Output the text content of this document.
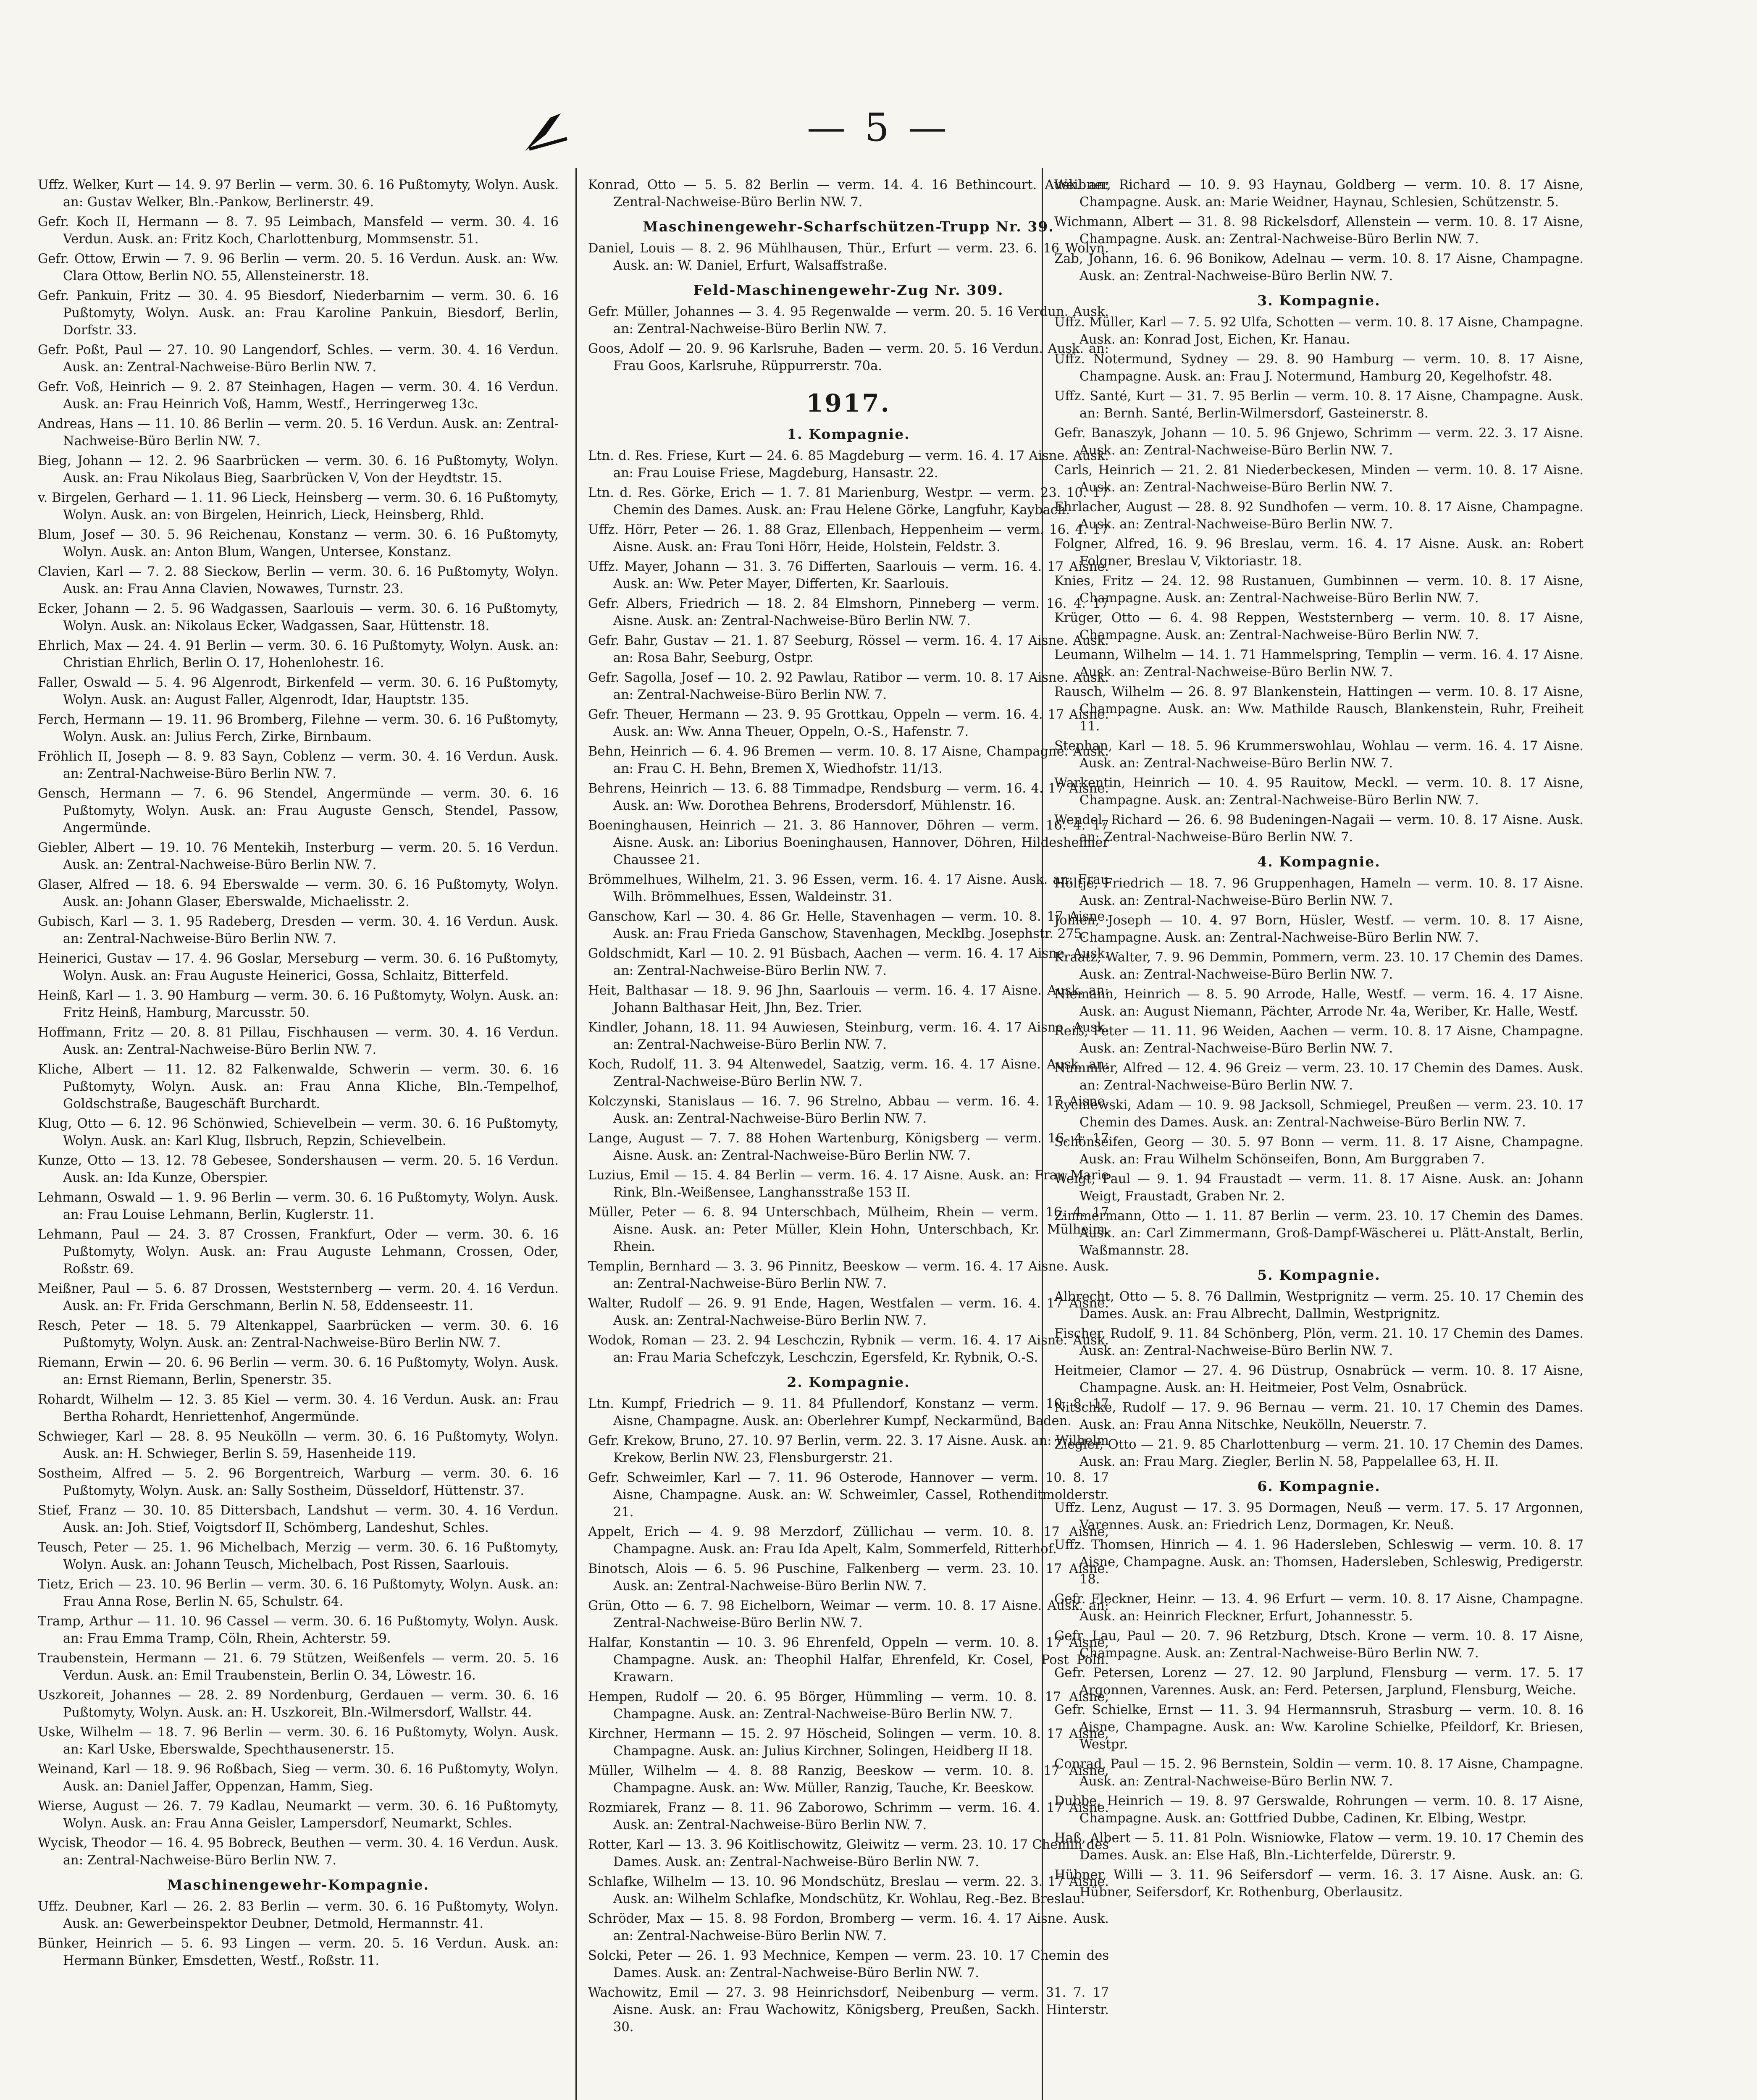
— 5 —

Uffz. Welker, Kurt — 14. 9. 97 Berlin — verm. 30. 6. 16 Pußtomyty, Wolyn. Ausk. an: Gustav Welker, Bln.-Pankow, Berlinerstr. 49.

Gefr. Koch II, Hermann — 8. 7. 95 Leimbach, Mansfeld — verm. 30. 4. 16 Verdun. Ausk. an: Fritz Koch, Charlottenburg, Mommsenstr. 51.

Gefr. Ottow, Erwin — 7. 9. 96 Berlin — verm. 20. 5. 16 Verdun. Ausk. an: Ww. Clara Ottow, Berlin NO. 55, Allensteinerstr. 18.

Gefr. Pankuin, Fritz — 30. 4. 95 Biesdorf, Niederbarnim — verm. 30. 6. 16 Pußtomyty, Wolyn. Ausk. an: Frau Karoline Pankuin, Biesdorf, Berlin, Dorfstr. 33.

Gefr. Poßt, Paul — 27. 10. 90 Langendorf, Schles. — verm. 30. 4. 16 Verdun. Ausk. an: Zentral-Nachweise-Büro Berlin NW. 7.

Gefr. Voß, Heinrich — 9. 2. 87 Steinhagen, Hagen — verm. 30. 4. 16 Verdun. Ausk. an: Frau Heinrich Voß, Hamm, Westf., Herringerweg 13c.

Andreas, Hans — 11. 10. 86 Berlin — verm. 20. 5. 16 Verdun. Ausk. an: Zentral-Nachweise-Büro Berlin NW. 7.

Bieg, Johann — 12. 2. 96 Saarbrücken — verm. 30. 6. 16 Pußtomyty, Wolyn. Ausk. an: Frau Nikolaus Bieg, Saarbrücken V, Von der Heydtstr. 15.

v. Birgelen, Gerhard — 1. 11. 96 Lieck, Heinsberg — verm. 30. 6. 16 Pußtomyty, Wolyn. Ausk. an: von Birgelen, Heinrich, Lieck, Heinsberg, Rhld.

Blum, Josef — 30. 5. 96 Reichenau, Konstanz — verm. 30. 6. 16 Pußtomyty, Wolyn. Ausk. an: Anton Blum, Wangen, Untersee, Konstanz.

Clavien, Karl — 7. 2. 88 Sieckow, Berlin — verm. 30. 6. 16 Pußtomyty, Wolyn. Ausk. an: Frau Anna Clavien, Nowawes, Turnstr. 23.

Ecker, Johann — 2. 5. 96 Wadgassen, Saarlouis — verm. 30. 6. 16 Pußtomyty, Wolyn. Ausk. an: Nikolaus Ecker, Wadgassen, Saar, Hüttenstr. 18.

Ehrlich, Max — 24. 4. 91 Berlin — verm. 30. 6. 16 Pußtomyty, Wolyn. Ausk. an: Christian Ehrlich, Berlin O. 17, Hohenlohestr. 16.

Faller, Oswald — 5. 4. 96 Algenrodt, Birkenfeld — verm. 30. 6. 16 Pußtomyty, Wolyn. Ausk. an: August Faller, Algenrodt, Idar, Hauptstr. 135.

Ferch, Hermann — 19. 11. 96 Bromberg, Filehne — verm. 30. 6. 16 Pußtomyty, Wolyn. Ausk. an: Julius Ferch, Zirke, Birnbaum.

Fröhlich II, Joseph — 8. 9. 83 Sayn, Coblenz — verm. 30. 4. 16 Verdun. Ausk. an: Zentral-Nachweise-Büro Berlin NW. 7.

Gensch, Hermann — 7. 6. 96 Stendel, Angermünde — verm. 30. 6. 16 Pußtomyty, Wolyn. Ausk. an: Frau Auguste Gensch, Stendel, Passow, Angermünde.

Giebler, Albert — 19. 10. 76 Mentekih, Insterburg — verm. 20. 5. 16 Verdun. Ausk. an: Zentral-Nachweise-Büro Berlin NW. 7.

Glaser, Alfred — 18. 6. 94 Eberswalde — verm. 30. 6. 16 Pußtomyty, Wolyn. Ausk. an: Johann Glaser, Eberswalde, Michaelisstr. 2.

Gubisch, Karl — 3. 1. 95 Radeberg, Dresden — verm. 30. 4. 16 Verdun. Ausk. an: Zentral-Nachweise-Büro Berlin NW. 7.

Heinerici, Gustav — 17. 4. 96 Goslar, Merseburg — verm. 30. 6. 16 Pußtomyty, Wolyn. Ausk. an: Frau Auguste Heinerici, Gossa, Schlaitz, Bitterfeld.

Heinß, Karl — 1. 3. 90 Hamburg — verm. 30. 6. 16 Pußtomyty, Wolyn. Ausk. an: Fritz Heinß, Hamburg, Marcusstr. 50.

Hoffmann, Fritz — 20. 8. 81 Pillau, Fischhausen — verm. 30. 4. 16 Verdun. Ausk. an: Zentral-Nachweise-Büro Berlin NW. 7.

Kliche, Albert — 11. 12. 82 Falkenwalde, Schwerin — verm. 30. 6. 16 Pußtomyty, Wolyn. Ausk. an: Frau Anna Kliche, Bln.-Tempelhof, Goldschstraße, Baugeschäft Burchardt.

Klug, Otto — 6. 12. 96 Schönwied, Schievelbein — verm. 30. 6. 16 Pußtomyty, Wolyn. Ausk. an: Karl Klug, Ilsbruch, Repzin, Schievelbein.

Kunze, Otto — 13. 12. 78 Gebesee, Sondershausen — verm. 20. 5. 16 Verdun. Ausk. an: Ida Kunze, Oberspier.

Lehmann, Oswald — 1. 9. 96 Berlin — verm. 30. 6. 16 Pußtomyty, Wolyn. Ausk. an: Frau Louise Lehmann, Berlin, Kuglerstr. 11.

Lehmann, Paul — 24. 3. 87 Crossen, Frankfurt, Oder — verm. 30. 6. 16 Pußtomyty, Wolyn. Ausk. an: Frau Auguste Lehmann, Crossen, Oder, Roßstr. 69.

Meißner, Paul — 5. 6. 87 Drossen, Weststernberg — verm. 20. 4. 16 Verdun. Ausk. an: Fr. Frida Gerschmann, Berlin N. 58, Eddenseestr. 11.

Resch, Peter — 18. 5. 79 Altenkappel, Saarbrücken — verm. 30. 6. 16 Pußtomyty, Wolyn. Ausk. an: Zentral-Nachweise-Büro Berlin NW. 7.

Riemann, Erwin — 20. 6. 96 Berlin — verm. 30. 6. 16 Pußtomyty, Wolyn. Ausk. an: Ernst Riemann, Berlin, Spenerstr. 35.

Rohardt, Wilhelm — 12. 3. 85 Kiel — verm. 30. 4. 16 Verdun. Ausk. an: Frau Bertha Rohardt, Henriettenhof, Angermünde.

Schwieger, Karl — 28. 8. 95 Neukölln — verm. 30. 6. 16 Pußtomyty, Wolyn. Ausk. an: H. Schwieger, Berlin S. 59, Hasenheide 119.

Sostheim, Alfred — 5. 2. 96 Borgentreich, Warburg — verm. 30. 6. 16 Pußtomyty, Wolyn. Ausk. an: Sally Sostheim, Düsseldorf, Hüttenstr. 37.

Stief, Franz — 30. 10. 85 Dittersbach, Landshut — verm. 30. 4. 16 Verdun. Ausk. an: Joh. Stief, Voigtsdorf II, Schömberg, Landeshut, Schles.

Teusch, Peter — 25. 1. 96 Michelbach, Merzig — verm. 30. 6. 16 Pußtomyty, Wolyn. Ausk. an: Johann Teusch, Michelbach, Post Rissen, Saarlouis.

Tietz, Erich — 23. 10. 96 Berlin — verm. 30. 6. 16 Pußtomyty, Wolyn. Ausk. an: Frau Anna Rose, Berlin N. 65, Schulstr. 64.

Tramp, Arthur — 11. 10. 96 Cassel — verm. 30. 6. 16 Pußtomyty, Wolyn. Ausk. an: Frau Emma Tramp, Cöln, Rhein, Achterstr. 59.

Traubenstein, Hermann — 21. 6. 79 Stützen, Weißenfels — verm. 20. 5. 16 Verdun. Ausk. an: Emil Traubenstein, Berlin O. 34, Löwestr. 16.

Uszkoreit, Johannes — 28. 2. 89 Nordenburg, Gerdauen — verm. 30. 6. 16 Pußtomyty, Wolyn. Ausk. an: H. Uszkoreit, Bln.-Wilmersdorf, Wallstr. 44.

Uske, Wilhelm — 18. 7. 96 Berlin — verm. 30. 6. 16 Pußtomyty, Wolyn. Ausk. an: Karl Uske, Eberswalde, Spechthausenerstr. 15.

Weinand, Karl — 18. 9. 96 Roßbach, Sieg — verm. 30. 6. 16 Pußtomyty, Wolyn. Ausk. an: Daniel Jaffer, Oppenzan, Hamm, Sieg.

Wierse, August — 26. 7. 79 Kadlau, Neumarkt — verm. 30. 6. 16 Pußtomyty, Wolyn. Ausk. an: Frau Anna Geisler, Lampersdorf, Neumarkt, Schles.

Wycisk, Theodor — 16. 4. 95 Bobreck, Beuthen — verm. 30. 4. 16 Verdun. Ausk. an: Zentral-Nachweise-Büro Berlin NW. 7.

Maschinengewehr-Kompagnie.

Uffz. Deubner, Karl — 26. 2. 83 Berlin — verm. 30. 6. 16 Pußtomyty, Wolyn. Ausk. an: Gewerbeinspektor Deubner, Detmold, Hermannstr. 41.

Bünker, Heinrich — 5. 6. 93 Lingen — verm. 20. 5. 16 Verdun. Ausk. an: Hermann Bünker, Emsdetten, Westf., Roßstr. 11.

Konrad, Otto — 5. 5. 82 Berlin — verm. 14. 4. 16 Bethincourt. Ausk. an: Zentral-Nachweise-Büro Berlin NW. 7.

Maschinengewehr-Scharfschützen-Trupp Nr. 39.

Daniel, Louis — 8. 2. 96 Mühlhausen, Thür., Erfurt — verm. 23. 6. 16 Wolyn. Ausk. an: W. Daniel, Erfurt, Walsaffstraße.

Feld-Maschinengewehr-Zug Nr. 309.

Gefr. Müller, Johannes — 3. 4. 95 Regenwalde — verm. 20. 5. 16 Verdun. Ausk. an: Zentral-Nachweise-Büro Berlin NW. 7.

Goos, Adolf — 20. 9. 96 Karlsruhe, Baden — verm. 20. 5. 16 Verdun. Ausk. an: Frau Goos, Karlsruhe, Rüppurrerstr. 70a.

1917.
1. Kompagnie.

Ltn. d. Res. Friese, Kurt — 24. 6. 85 Magdeburg — verm. 16. 4. 17 Aisne. Ausk. an: Frau Louise Friese, Magdeburg, Hansastr. 22.

Ltn. d. Res. Görke, Erich — 1. 7. 81 Marienburg, Westpr. — verm. 23. 10. 17 Chemin des Dames. Ausk. an: Frau Helene Görke, Langfuhr, Kaybach.

Uffz. Hörr, Peter — 26. 1. 88 Graz, Ellenbach, Heppenheim — verm. 16. 4. 17 Aisne. Ausk. an: Frau Toni Hörr, Heide, Holstein, Feldstr. 3.

Uffz. Mayer, Johann — 31. 3. 76 Differten, Saarlouis — verm. 16. 4. 17 Aisne. Ausk. an: Ww. Peter Mayer, Differten, Kr. Saarlouis.

Gefr. Albers, Friedrich — 18. 2. 84 Elmshorn, Pinneberg — verm. 16. 4. 17 Aisne. Ausk. an: Zentral-Nachweise-Büro Berlin NW. 7.

Gefr. Bahr, Gustav — 21. 1. 87 Seeburg, Rössel — verm. 16. 4. 17 Aisne. Ausk. an: Rosa Bahr, Seeburg, Ostpr.

Gefr. Sagolla, Josef — 10. 2. 92 Pawlau, Ratibor — verm. 10. 8. 17 Aisne. Ausk. an: Zentral-Nachweise-Büro Berlin NW. 7.

Gefr. Theuer, Hermann — 23. 9. 95 Grottkau, Oppeln — verm. 16. 4. 17 Aisne. Ausk. an: Ww. Anna Theuer, Oppeln, O.-S., Hafenstr. 7.

Behn, Heinrich — 6. 4. 96 Bremen — verm. 10. 8. 17 Aisne, Champagne. Ausk. an: Frau C. H. Behn, Bremen X, Wiedhofstr. 11/13.

Behrens, Heinrich — 13. 6. 88 Timmadpe, Rendsburg — verm. 16. 4. 17 Aisne. Ausk. an: Ww. Dorothea Behrens, Brodersdorf, Mühlenstr. 16.

Boeninghausen, Heinrich — 21. 3. 86 Hannover, Döhren — verm. 16. 4. 17 Aisne. Ausk. an: Liborius Boeninghausen, Hannover, Döhren, Hildesheimer Chaussee 21.

Brömmelhues, Wilhelm, 21. 3. 96 Essen, verm. 16. 4. 17 Aisne. Ausk. an: Frau Wilh. Brömmelhues, Essen, Waldeinstr. 31.

Ganschow, Karl — 30. 4. 86 Gr. Helle, Stavenhagen — verm. 10. 8. 17 Aisne. Ausk. an: Frau Frieda Ganschow, Stavenhagen, Mecklbg. Josephstr. 275.

Goldschmidt, Karl — 10. 2. 91 Büsbach, Aachen — verm. 16. 4. 17 Aisne. Ausk. an: Zentral-Nachweise-Büro Berlin NW. 7.

Heit, Balthasar — 18. 9. 96 Jhn, Saarlouis — verm. 16. 4. 17 Aisne. Ausk. an: Johann Balthasar Heit, Jhn, Bez. Trier.

Kindler, Johann, 18. 11. 94 Auwiesen, Steinburg, verm. 16. 4. 17 Aisne. Ausk. an: Zentral-Nachweise-Büro Berlin NW. 7.

Koch, Rudolf, 11. 3. 94 Altenwedel, Saatzig, verm. 16. 4. 17 Aisne. Ausk. an: Zentral-Nachweise-Büro Berlin NW. 7.

Kolczynski, Stanislaus — 16. 7. 96 Strelno, Abbau — verm. 16. 4. 17 Aisne. Ausk. an: Zentral-Nachweise-Büro Berlin NW. 7.

Lange, August — 7. 7. 88 Hohen Wartenburg, Königsberg — verm. 16. 4. 17 Aisne. Ausk. an: Zentral-Nachweise-Büro Berlin NW. 7.

Luzius, Emil — 15. 4. 84 Berlin — verm. 16. 4. 17 Aisne. Ausk. an: Frau Marie Rink, Bln.-Weißensee, Langhansstraße 153 II.

Müller, Peter — 6. 8. 94 Unterschbach, Mülheim, Rhein — verm. 16. 4. 17 Aisne. Ausk. an: Peter Müller, Klein Hohn, Unterschbach, Kr. Mülheim, Rhein.

Templin, Bernhard — 3. 3. 96 Pinnitz, Beeskow — verm. 16. 4. 17 Aisne. Ausk. an: Zentral-Nachweise-Büro Berlin NW. 7.

Walter, Rudolf — 26. 9. 91 Ende, Hagen, Westfalen — verm. 16. 4. 17 Aisne. Ausk. an: Zentral-Nachweise-Büro Berlin NW. 7.

Wodok, Roman — 23. 2. 94 Leschczin, Rybnik — verm. 16. 4. 17 Aisne. Ausk. an: Frau Maria Schefczyk, Leschczin, Egersfeld, Kr. Rybnik, O.-S.

2. Kompagnie.

Ltn. Kumpf, Friedrich — 9. 11. 84 Pfullendorf, Konstanz — verm. 10. 8. 17 Aisne, Champagne. Ausk. an: Oberlehrer Kumpf, Neckarmünd, Baden.

Gefr. Krekow, Bruno, 27. 10. 97 Berlin, verm. 22. 3. 17 Aisne. Ausk. an: Wilhelm Krekow, Berlin NW. 23, Flensburgerstr. 21.

Gefr. Schweimler, Karl — 7. 11. 96 Osterode, Hannover — verm. 10. 8. 17 Aisne, Champagne. Ausk. an: W. Schweimler, Cassel, Rothenditmolderstr. 21.

Appelt, Erich — 4. 9. 98 Merzdorf, Züllichau — verm. 10. 8. 17 Aisne, Champagne. Ausk. an: Frau Ida Apelt, Kalm, Sommerfeld, Ritterhof.

Binotsch, Alois — 6. 5. 96 Puschine, Falkenberg — verm. 23. 10. 17 Aisne. Ausk. an: Zentral-Nachweise-Büro Berlin NW. 7.

Grün, Otto — 6. 7. 98 Eichelborn, Weimar — verm. 10. 8. 17 Aisne. Ausk. an: Zentral-Nachweise-Büro Berlin NW. 7.

Halfar, Konstantin — 10. 3. 96 Ehrenfeld, Oppeln — verm. 10. 8. 17 Aisne, Champagne. Ausk. an: Theophil Halfar, Ehrenfeld, Kr. Cosel, Post Poln. Krawarn.

Hempen, Rudolf — 20. 6. 95 Börger, Hümmling — verm. 10. 8. 17 Aisne, Champagne. Ausk. an: Zentral-Nachweise-Büro Berlin NW. 7.

Kirchner, Hermann — 15. 2. 97 Höscheid, Solingen — verm. 10. 8. 17 Aisne, Champagne. Ausk. an: Julius Kirchner, Solingen, Heidberg II 18.

Müller, Wilhelm — 4. 8. 88 Ranzig, Beeskow — verm. 10. 8. 17 Aisne, Champagne. Ausk. an: Ww. Müller, Ranzig, Tauche, Kr. Beeskow.

Rozmiarek, Franz — 8. 11. 96 Zaborowo, Schrimm — verm. 16. 4. 17 Aisne. Ausk. an: Zentral-Nachweise-Büro Berlin NW. 7.

Rotter, Karl — 13. 3. 96 Koitlischowitz, Gleiwitz — verm. 23. 10. 17 Chemin des Dames. Ausk. an: Zentral-Nachweise-Büro Berlin NW. 7.

Schlafke, Wilhelm — 13. 10. 96 Mondschütz, Breslau — verm. 22. 3. 17 Aisne. Ausk. an: Wilhelm Schlafke, Mondschütz, Kr. Wohlau, Reg.-Bez. Breslau.

Schröder, Max — 15. 8. 98 Fordon, Bromberg — verm. 16. 4. 17 Aisne. Ausk. an: Zentral-Nachweise-Büro Berlin NW. 7.

Solcki, Peter — 26. 1. 93 Mechnice, Kempen — verm. 23. 10. 17 Chemin des Dames. Ausk. an: Zentral-Nachweise-Büro Berlin NW. 7.

Wachowitz, Emil — 27. 3. 98 Heinrichsdorf, Neibenburg — verm. 31. 7. 17 Aisne. Ausk. an: Frau Wachowitz, Königsberg, Preußen, Sackh. Hinterstr. 30.

Weibner, Richard — 10. 9. 93 Haynau, Goldberg — verm. 10. 8. 17 Aisne, Champagne. Ausk. an: Marie Weidner, Haynau, Schlesien, Schützenstr. 5.

Wichmann, Albert — 31. 8. 98 Rickelsdorf, Allenstein — verm. 10. 8. 17 Aisne, Champagne. Ausk. an: Zentral-Nachweise-Büro Berlin NW. 7.

Zab, Johann, 16. 6. 96 Bonikow, Adelnau — verm. 10. 8. 17 Aisne, Champagne. Ausk. an: Zentral-Nachweise-Büro Berlin NW. 7.

3. Kompagnie.

Uffz. Müller, Karl — 7. 5. 92 Ulfa, Schotten — verm. 10. 8. 17 Aisne, Champagne. Ausk. an: Konrad Jost, Eichen, Kr. Hanau.

Uffz. Notermund, Sydney — 29. 8. 90 Hamburg — verm. 10. 8. 17 Aisne, Champagne. Ausk. an: Frau J. Notermund, Hamburg 20, Kegelhofstr. 48.

Uffz. Santé, Kurt — 31. 7. 95 Berlin — verm. 10. 8. 17 Aisne, Champagne. Ausk. an: Bernh. Santé, Berlin-Wilmersdorf, Gasteinerstr. 8.

Gefr. Banaszyk, Johann — 10. 5. 96 Gnjewo, Schrimm — verm. 22. 3. 17 Aisne. Ausk. an: Zentral-Nachweise-Büro Berlin NW. 7.

Carls, Heinrich — 21. 2. 81 Niederbeckesen, Minden — verm. 10. 8. 17 Aisne. Ausk. an: Zentral-Nachweise-Büro Berlin NW. 7.

Ehrlacher, August — 28. 8. 92 Sundhofen — verm. 10. 8. 17 Aisne, Champagne. Ausk. an: Zentral-Nachweise-Büro Berlin NW. 7.

Folgner, Alfred, 16. 9. 96 Breslau, verm. 16. 4. 17 Aisne. Ausk. an: Robert Folgner, Breslau V, Viktoriastr. 18.

Knies, Fritz — 24. 12. 98 Rustanuen, Gumbinnen — verm. 10. 8. 17 Aisne, Champagne. Ausk. an: Zentral-Nachweise-Büro Berlin NW. 7.

Krüger, Otto — 6. 4. 98 Reppen, Weststernberg — verm. 10. 8. 17 Aisne, Champagne. Ausk. an: Zentral-Nachweise-Büro Berlin NW. 7.

Leumann, Wilhelm — 14. 1. 71 Hammelspring, Templin — verm. 16. 4. 17 Aisne. Ausk. an: Zentral-Nachweise-Büro Berlin NW. 7.

Rausch, Wilhelm — 26. 8. 97 Blankenstein, Hattingen — verm. 10. 8. 17 Aisne, Champagne. Ausk. an: Ww. Mathilde Rausch, Blankenstein, Ruhr, Freiheit 11.

Stephan, Karl — 18. 5. 96 Krummerswohlau, Wohlau — verm. 16. 4. 17 Aisne. Ausk. an: Zentral-Nachweise-Büro Berlin NW. 7.

Warkentin, Heinrich — 10. 4. 95 Rauitow, Meckl. — verm. 10. 8. 17 Aisne, Champagne. Ausk. an: Zentral-Nachweise-Büro Berlin NW. 7.

Wendel, Richard — 26. 6. 98 Budeningen-Nagaii — verm. 10. 8. 17 Aisne. Ausk. an: Zentral-Nachweise-Büro Berlin NW. 7.

4. Kompagnie.

Höltje, Friedrich — 18. 7. 96 Gruppenhagen, Hameln — verm. 10. 8. 17 Aisne. Ausk. an: Zentral-Nachweise-Büro Berlin NW. 7.

Johlen, Joseph — 10. 4. 97 Born, Hüsler, Westf. — verm. 10. 8. 17 Aisne, Champagne. Ausk. an: Zentral-Nachweise-Büro Berlin NW. 7.

Kraatz, Walter, 7. 9. 96 Demmin, Pommern, verm. 23. 10. 17 Chemin des Dames. Ausk. an: Zentral-Nachweise-Büro Berlin NW. 7.

Niemann, Heinrich — 8. 5. 90 Arrode, Halle, Westf. — verm. 16. 4. 17 Aisne. Ausk. an: August Niemann, Pächter, Arrode Nr. 4a, Weriber, Kr. Halle, Westf.

Reiß, Peter — 11. 11. 96 Weiden, Aachen — verm. 10. 8. 17 Aisne, Champagne. Ausk. an: Zentral-Nachweise-Büro Berlin NW. 7.

Nummler, Alfred — 12. 4. 96 Greiz — verm. 23. 10. 17 Chemin des Dames. Ausk. an: Zentral-Nachweise-Büro Berlin NW. 7.

Rychlewski, Adam — 10. 9. 98 Jacksoll, Schmiegel, Preußen — verm. 23. 10. 17 Chemin des Dames. Ausk. an: Zentral-Nachweise-Büro Berlin NW. 7.

Schönseifen, Georg — 30. 5. 97 Bonn — verm. 11. 8. 17 Aisne, Champagne. Ausk. an: Frau Wilhelm Schönseifen, Bonn, Am Burggraben 7.

Weigt, Paul — 9. 1. 94 Fraustadt — verm. 11. 8. 17 Aisne. Ausk. an: Johann Weigt, Fraustadt, Graben Nr. 2.

Zimmermann, Otto — 1. 11. 87 Berlin — verm. 23. 10. 17 Chemin des Dames. Ausk. an: Carl Zimmermann, Groß-Dampf-Wäscherei u. Plätt-Anstalt, Berlin, Waßmannstr. 28.

5. Kompagnie.

Albrecht, Otto — 5. 8. 76 Dallmin, Westprignitz — verm. 25. 10. 17 Chemin des Dames. Ausk. an: Frau Albrecht, Dallmin, Westprignitz.

Fischer, Rudolf, 9. 11. 84 Schönberg, Plön, verm. 21. 10. 17 Chemin des Dames. Ausk. an: Zentral-Nachweise-Büro Berlin NW. 7.

Heitmeier, Clamor — 27. 4. 96 Düstrup, Osnabrück — verm. 10. 8. 17 Aisne, Champagne. Ausk. an: H. Heitmeier, Post Velm, Osnabrück.

Nitschke, Rudolf — 17. 9. 96 Bernau — verm. 21. 10. 17 Chemin des Dames. Ausk. an: Frau Anna Nitschke, Neukölln, Neuerstr. 7.

Ziegler, Otto — 21. 9. 85 Charlottenburg — verm. 21. 10. 17 Chemin des Dames. Ausk. an: Frau Marg. Ziegler, Berlin N. 58, Pappelallee 63, H. II.

6. Kompagnie.

Uffz. Lenz, August — 17. 3. 95 Dormagen, Neuß — verm. 17. 5. 17 Argonnen, Varennes. Ausk. an: Friedrich Lenz, Dormagen, Kr. Neuß.

Uffz. Thomsen, Hinrich — 4. 1. 96 Hadersleben, Schleswig — verm. 10. 8. 17 Aisne, Champagne. Ausk. an: Thomsen, Hadersleben, Schleswig, Predigerstr. 18.

Gefr. Fleckner, Heinr. — 13. 4. 96 Erfurt — verm. 10. 8. 17 Aisne, Champagne. Ausk. an: Heinrich Fleckner, Erfurt, Johannesstr. 5.

Gefr. Lau, Paul — 20. 7. 96 Retzburg, Dtsch. Krone — verm. 10. 8. 17 Aisne, Champagne. Ausk. an: Zentral-Nachweise-Büro Berlin NW. 7.

Gefr. Petersen, Lorenz — 27. 12. 90 Jarplund, Flensburg — verm. 17. 5. 17 Argonnen, Varennes. Ausk. an: Ferd. Petersen, Jarplund, Flensburg, Weiche.

Gefr. Schielke, Ernst — 11. 3. 94 Hermannsruh, Strasburg — verm. 10. 8. 16 Aisne, Champagne. Ausk. an: Ww. Karoline Schielke, Pfeildorf, Kr. Briesen, Westpr.

Conrad, Paul — 15. 2. 96 Bernstein, Soldin — verm. 10. 8. 17 Aisne, Champagne. Ausk. an: Zentral-Nachweise-Büro Berlin NW. 7.

Dubbe, Heinrich — 19. 8. 97 Gerswalde, Rohrungen — verm. 10. 8. 17 Aisne, Champagne. Ausk. an: Gottfried Dubbe, Cadinen, Kr. Elbing, Westpr.

Haß, Albert — 5. 11. 81 Poln. Wisniowke, Flatow — verm. 19. 10. 17 Chemin des Dames. Ausk. an: Else Haß, Bln.-Lichterfelde, Dürerstr. 9.

Hübner, Willi — 3. 11. 96 Seifersdorf — verm. 16. 3. 17 Aisne. Ausk. an: G. Hübner, Seifersdorf, Kr. Rothenburg, Oberlausitz.
